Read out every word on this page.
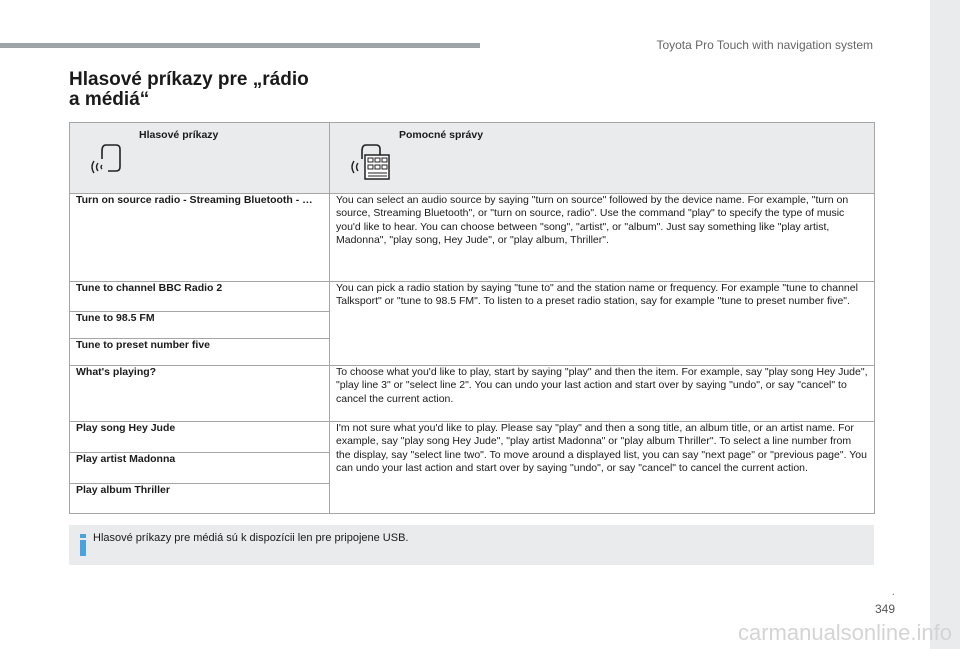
Toyota Pro Touch with navigation system
Hlasové príkazy pre „rádio
a médiá“
Hlasové príkazy	Pomocné správy

Turn on source radio - Streaming Bluetooth - …	You can select an audio source by saying "turn on source" followed by the device name. For example, "turn on source, Streaming Bluetooth", or "turn on source, radio". Use the command "play" to specify the type of music you'd like to hear. You can choose between "song", "artist", or "album". Just say something like "play artist, Madonna", "play song, Hey Jude", or "play album, Thriller".
Tune to channel BBC Radio 2	You can pick a radio station by saying "tune to" and the station name or frequency. For example "tune to channel Talksport" or "tune to 98.5 FM". To listen to a preset radio station, say for example "tune to preset number five".
Tune to 98.5 FM	
Tune to preset number five	
What's playing?	To choose what you'd like to play, start by saying "play" and then the item. For example, say "play song Hey Jude", "play line 3" or "select line 2". You can undo your last action and start over by saying "undo", or say "cancel" to cancel the current action.
Play song Hey Jude	I'm not sure what you'd like to play. Please say "play" and then a song title, an album title, or an artist name. For example, say "play song Hey Jude", "play artist Madonna" or "play album Thriller". To select a line number from the display, say "select line two". To move around a displayed list, you can say "next page" or "previous page". You can undo your last action and start over by saying "undo", or say "cancel" to cancel the current action.
Play artist Madonna	
Play album Thriller	
Hlasové príkazy pre médiá sú k dispozícii len pre pripojene USB.
.
349
carmanualsonline.info
